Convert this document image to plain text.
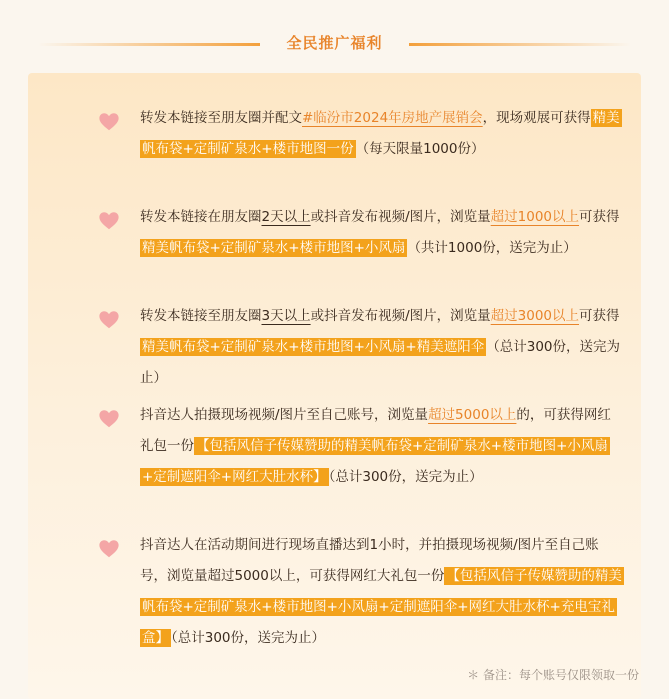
全民推广福利
转发本链接至朋友圈并配文#临汾市2024年房地产展销会，现场观展可获得 精美帆布袋+定制矿泉水+楼市地图一份 （每天限量1000份）
转发本链接在朋友圈2天以上或抖音发布视频/图片，浏览量超过1000以上可获得精美帆布袋+定制矿泉水+楼市地图+小风扇 （共计1000份，送完为止）
转发本链接至朋友圈3天以上或抖音发布视频/图片，浏览量超过3000以上可获得精美帆布袋+定制矿泉水+楼市地图+小风扇+精美遮阳伞 （总计300份，送完为止）
抖音达人拍摄现场视频/图片至自己账号，浏览量超过5000以上的，可获得网红礼包一份 【包括风信子传媒赞助的精美帆布袋+定制矿泉水+楼市地图+小风扇+定制遮阳伞+网红大肚水杯】 （总计300份，送完为止）
抖音达人在活动期间进行现场直播达到1小时，并拍摄现场视频/图片至自己账号，浏览量超过5000以上，可获得网红大礼包一份 【包括风信子传媒赞助的精美帆布袋+定制矿泉水+楼市地图+小风扇+定制遮阳伞+网红大肚水杯+充电宝礼盒】 （总计300份，送完为止）
＊ 备注：每个账号仅限领取一份
